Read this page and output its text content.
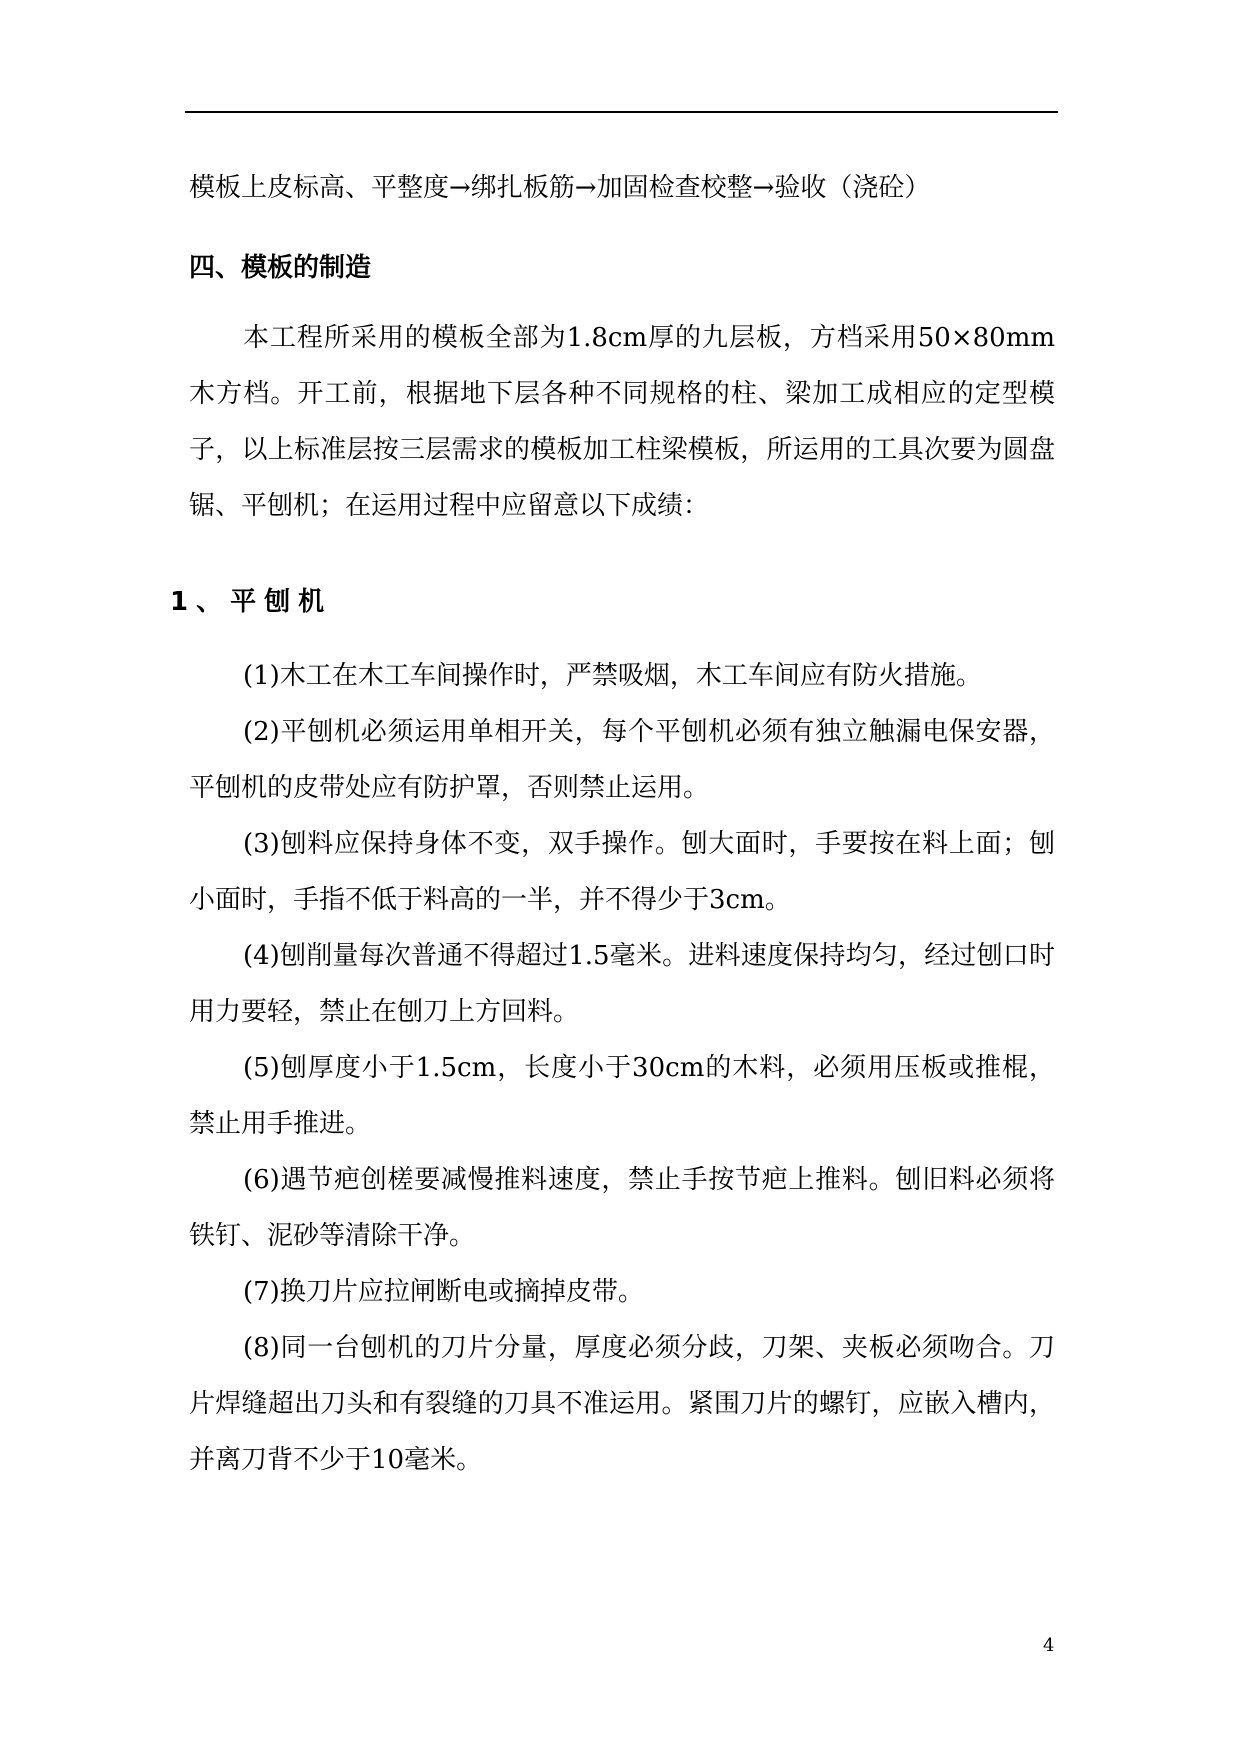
模板上皮标高、平整度→绑扎板筋→加固检查校整→验收（浇砼）

四、模板的制造

本工程所采用的模板全部为1.8cm厚的九层板，方档采用50×80mm木方档。开工前，根据地下层各种不同规格的柱、梁加工成相应的定型模子，以上标准层按三层需求的模板加工柱梁模板，所运用的工具次要为圆盘锯、平刨机；在运用过程中应留意以下成绩：

1、平刨机

(1)木工在木工车间操作时，严禁吸烟，木工车间应有防火措施。

(2)平刨机必须运用单相开关，每个平刨机必须有独立触漏电保安器，平刨机的皮带处应有防护罩，否则禁止运用。

(3)刨料应保持身体不变，双手操作。刨大面时，手要按在料上面；刨小面时，手指不低于料高的一半，并不得少于3cm。

(4)刨削量每次普通不得超过1.5毫米。进料速度保持均匀，经过刨口时用力要轻，禁止在刨刀上方回料。

(5)刨厚度小于1.5cm，长度小于30cm的木料，必须用压板或推棍，禁止用手推进。

(6)遇节疤创槎要减慢推料速度，禁止手按节疤上推料。刨旧料必须将铁钉、泥砂等清除干净。

(7)换刀片应拉闸断电或摘掉皮带。

(8)同一台刨机的刀片分量，厚度必须分歧，刀架、夹板必须吻合。刀片焊缝超出刀头和有裂缝的刀具不准运用。紧围刀片的螺钉，应嵌入槽内，并离刀背不少于10毫米。

4
